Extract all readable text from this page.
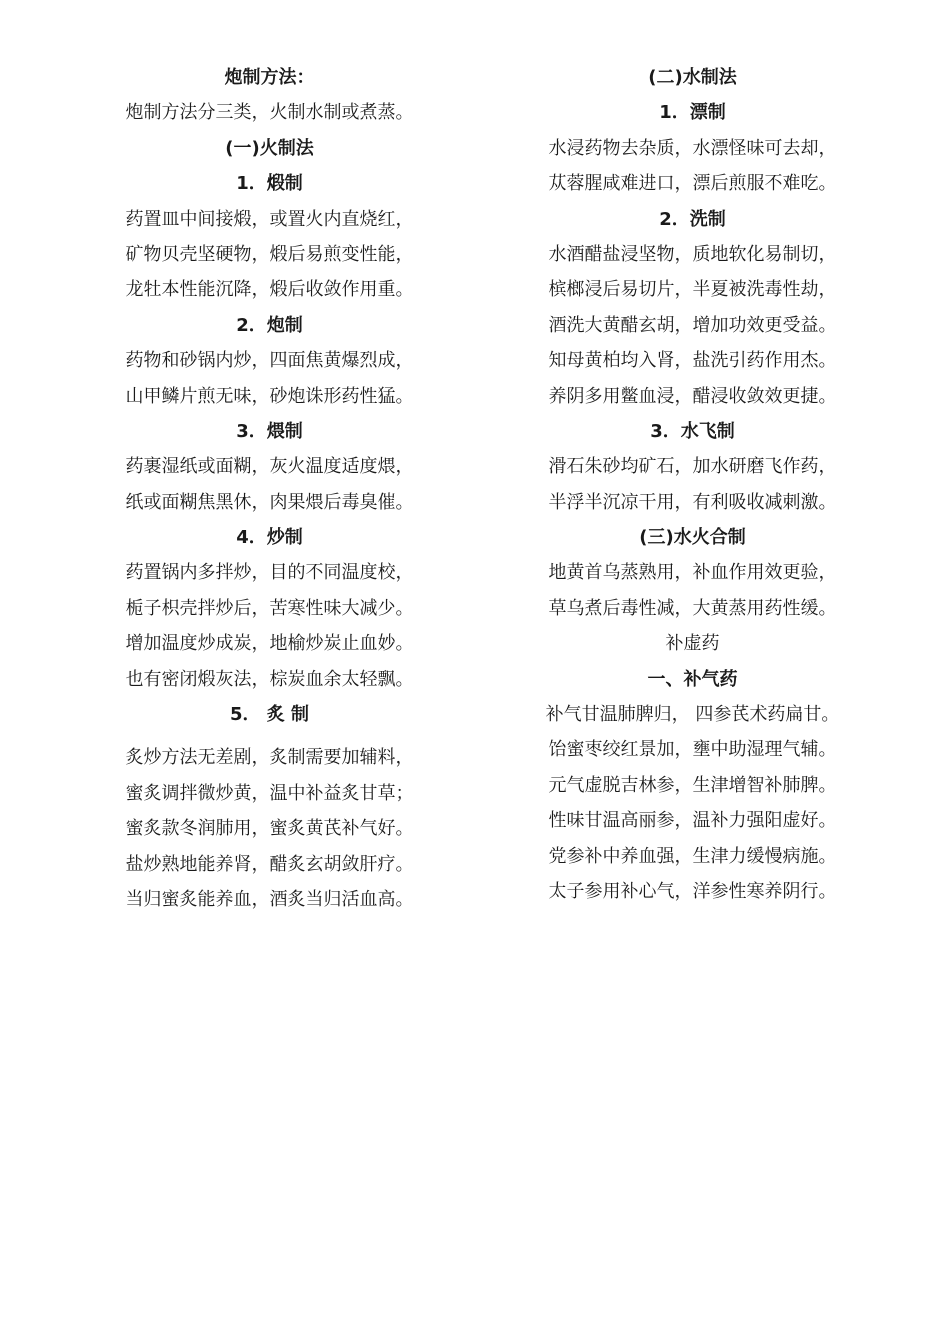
炮制方法：
炮制方法分三类，火制水制或煮蒸。
(一)火制法
1．煅制
药置皿中间接煅，或置火内直烧红，
矿物贝壳坚硬物，煅后易煎变性能，
龙牡本性能沉降，煅后收敛作用重。
2．炮制
药物和砂锅内炒，四面焦黄爆烈成，
山甲鳞片煎无味，砂炮诛形药性猛。
3．煨制
药裹湿纸或面糊，灰火温度适度煨，
纸或面糊焦黑休，肉果煨后毒臭催。
4．炒制
药置锅内多拌炒，目的不同温度校，
栀子枳壳拌炒后，苦寒性味大减少。
增加温度炒成炭，地榆炒炭止血妙。
也有密闭煅灰法，棕炭血余太轻飘。
5． 炙 制
炙炒方法无差剧，炙制需要加辅料，
蜜炙调拌微炒黄，温中补益炙甘草；
蜜炙款冬润肺用，蜜炙黄芪补气好。
盐炒熟地能养肾，醋炙玄胡敛肝疗。
当归蜜炙能养血，酒炙当归活血高。
(二)水制法
1．漂制
水浸药物去杂质，水漂怪味可去却，
苁蓉腥咸难进口，漂后煎服不难吃。
2．洗制
水酒醋盐浸坚物，质地软化易制切，
槟榔浸后易切片，半夏被洗毒性劫，
酒洗大黄醋玄胡，增加功效更受益。
知母黄柏均入肾，盐洗引药作用杰。
养阴多用鳖血浸，醋浸收敛效更捷。
3．水飞制
滑石朱砂均矿石，加水研磨飞作药，
半浮半沉凉干用，有利吸收减刺激。
(三)水火合制
地黄首乌蒸熟用，补血作用效更验，
草乌煮后毒性减，大黄蒸用药性缓。
补虚药
一、补气药
补气甘温肺脾归， 四参芪术药扁甘。
饴蜜枣绞红景加，壅中助湿理气辅。
元气虚脱吉林参，生津增智补肺脾。
性味甘温高丽参，温补力强阳虚好。
党参补中养血强，生津力缓慢病施。
太子参用补心气，洋参性寒养阴行。
